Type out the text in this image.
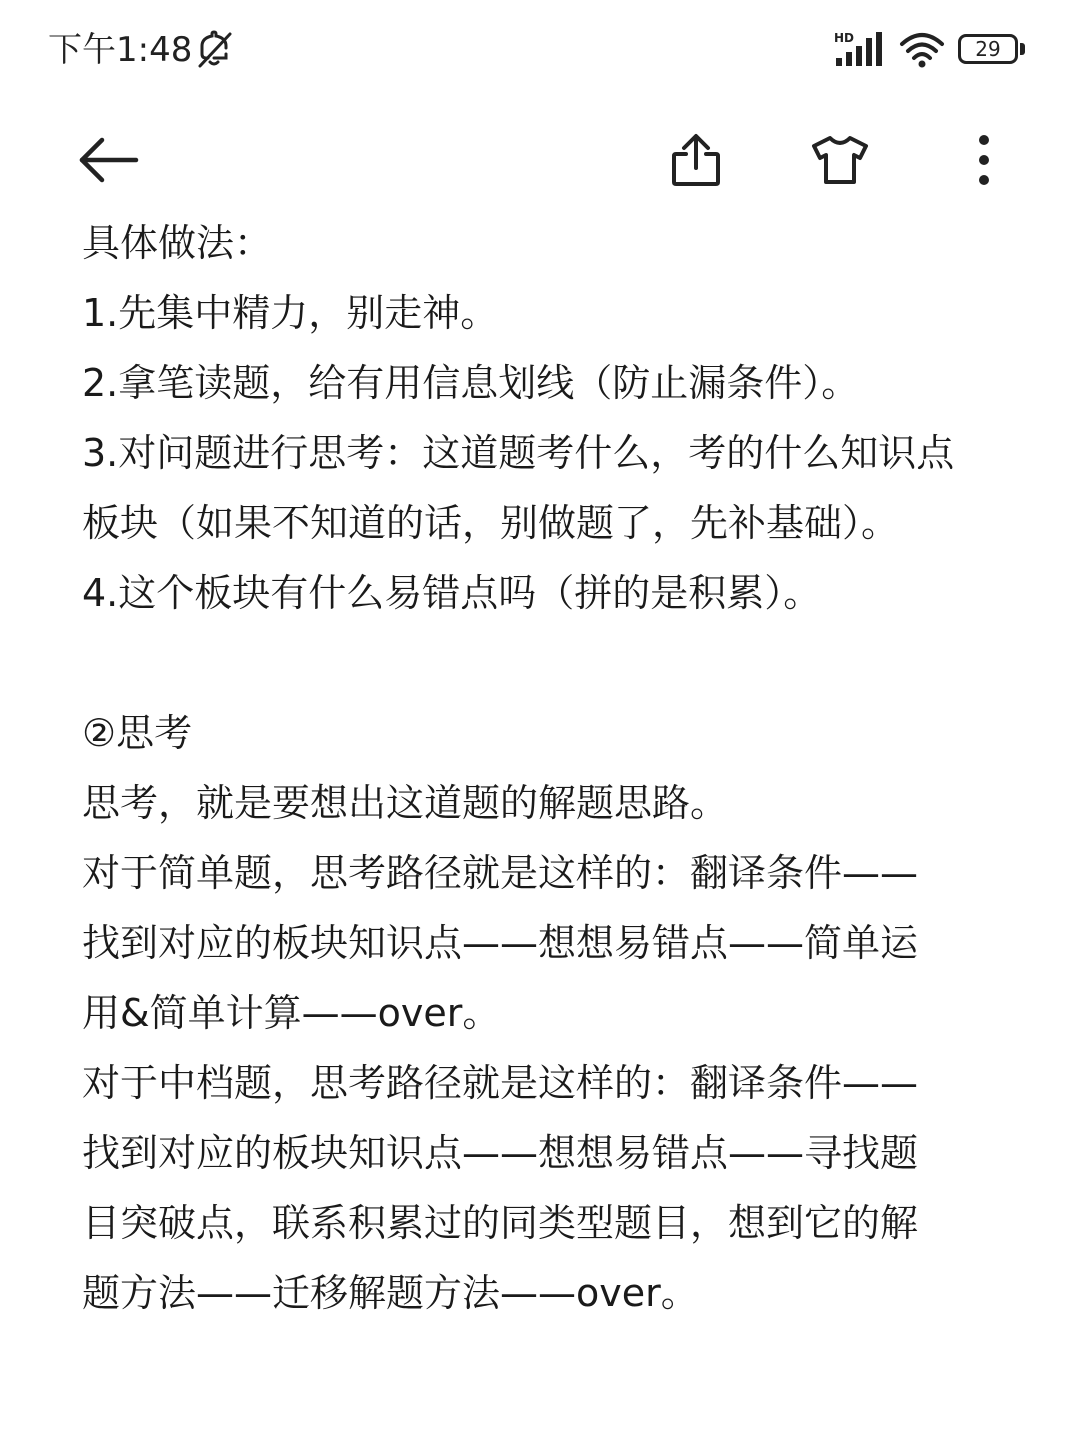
下午1:48	HD	29
具体做法：
1.先集中精力，别走神。
2.拿笔读题，给有用信息划线（防止漏条件）。
3.对问题进行思考：这道题考什么，考的什么知识点
板块（如果不知道的话，别做题了，先补基础）。
4.这个板块有什么易错点吗（拼的是积累）。
②思考
思考，就是要想出这道题的解题思路。
对于简单题，思考路径就是这样的：翻译条件——
找到对应的板块知识点——想想易错点——简单运
用&简单计算——over。
对于中档题，思考路径就是这样的：翻译条件——
找到对应的板块知识点——想想易错点——寻找题
目突破点，联系积累过的同类型题目，想到它的解
题方法——迁移解题方法——over。
